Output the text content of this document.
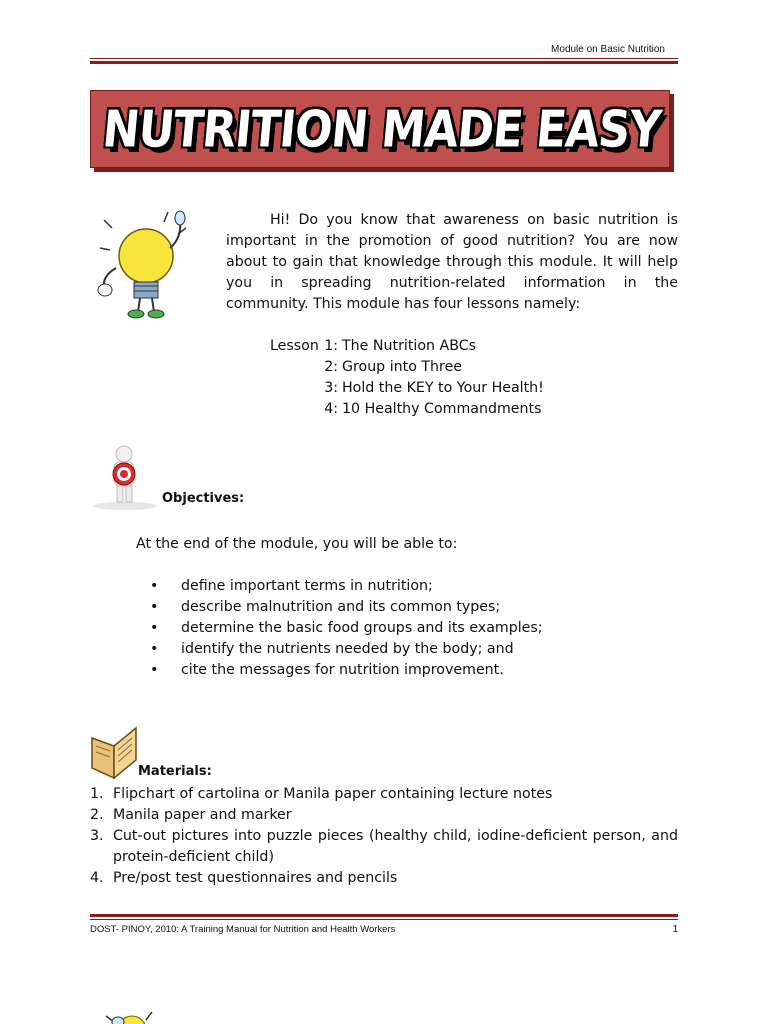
Module on Basic Nutrition
NUTRITION MADE EASY
Hi! Do you know that awareness on basic nutrition is important in the promotion of good nutrition? You are now about to gain that knowledge through this module. It will help you in spreading nutrition-related information in the community. This module has four lessons namely:
Lesson 1: The Nutrition ABCs
2: Group into Three
3: Hold the KEY to Your Health!
4: 10 Healthy Commandments
Objectives:
At the end of the module, you will be able to:
• define important terms in nutrition;
• describe malnutrition and its common types;
• determine the basic food groups and its examples;
• identify the nutrients needed by the body; and
• cite the messages for nutrition improvement.
Materials:
1. Flipchart of cartolina or Manila paper containing lecture notes
2. Manila paper and marker
3. Cut-out pictures into puzzle pieces (healthy child, iodine-deficient person, and protein-deficient child)
4. Pre/post test questionnaires and pencils
DOST- PINOY, 2010: A Training Manual for Nutrition and Health Workers	1
